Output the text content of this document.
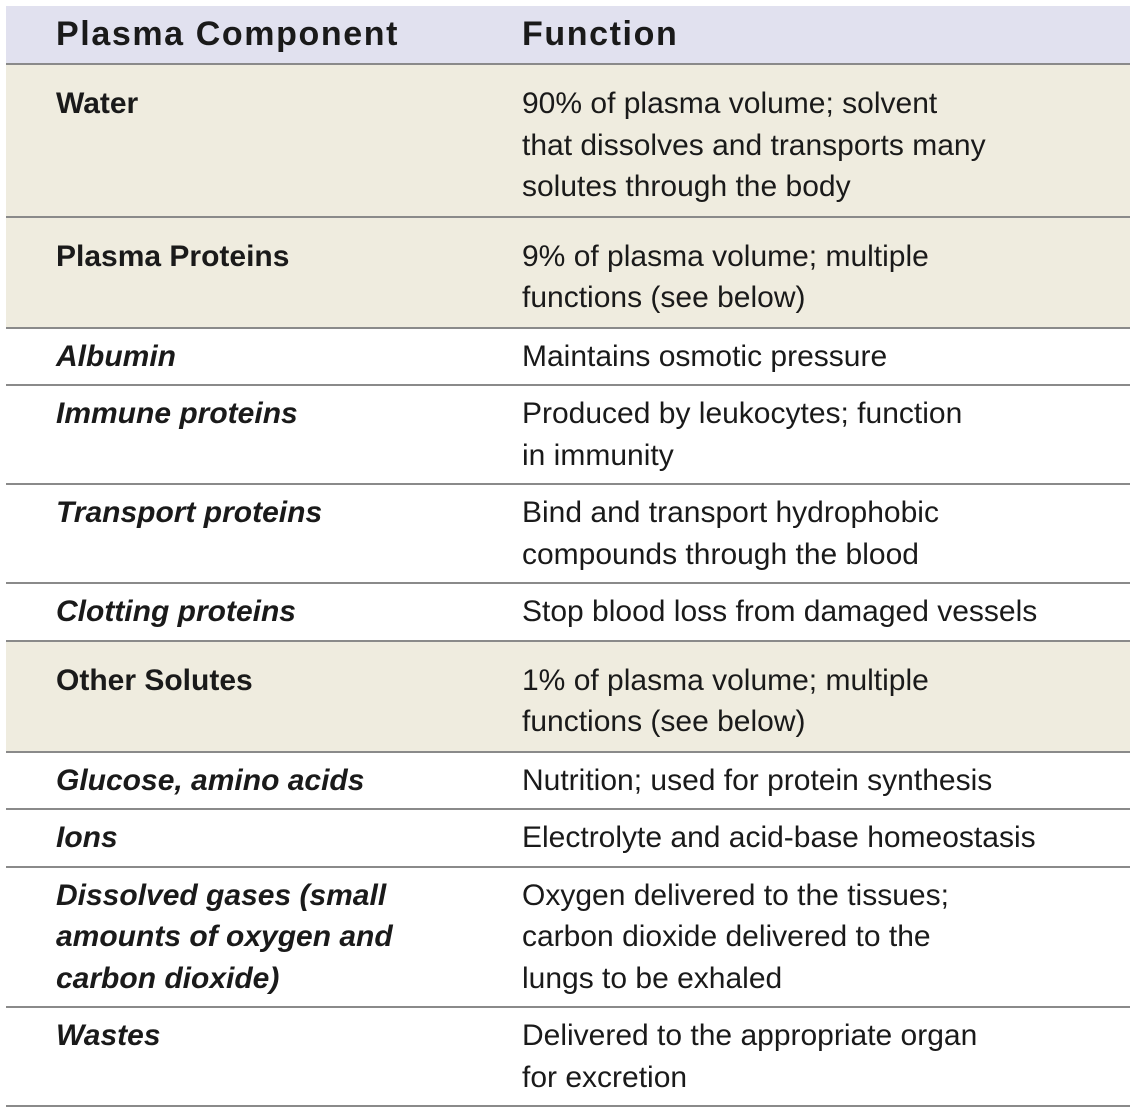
Plasma Component	Function

Water	90% of plasma volume; solvent
that dissolves and transports many
solutes through the body

Plasma Proteins	9% of plasma volume; multiple
functions (see below)

Albumin	Maintains osmotic pressure

Immune proteins	Produced by leukocytes; function
in immunity

Transport proteins	Bind and transport hydrophobic
compounds through the blood

Clotting proteins	Stop blood loss from damaged vessels

Other Solutes	1% of plasma volume; multiple
functions (see below)

Glucose, amino acids	Nutrition; used for protein synthesis

Ions	Electrolyte and acid-base homeostasis

Dissolved gases (small
amounts of oxygen and
carbon dioxide)	Oxygen delivered to the tissues;
carbon dioxide delivered to the
lungs to be exhaled

Wastes	Delivered to the appropriate organ
for excretion
